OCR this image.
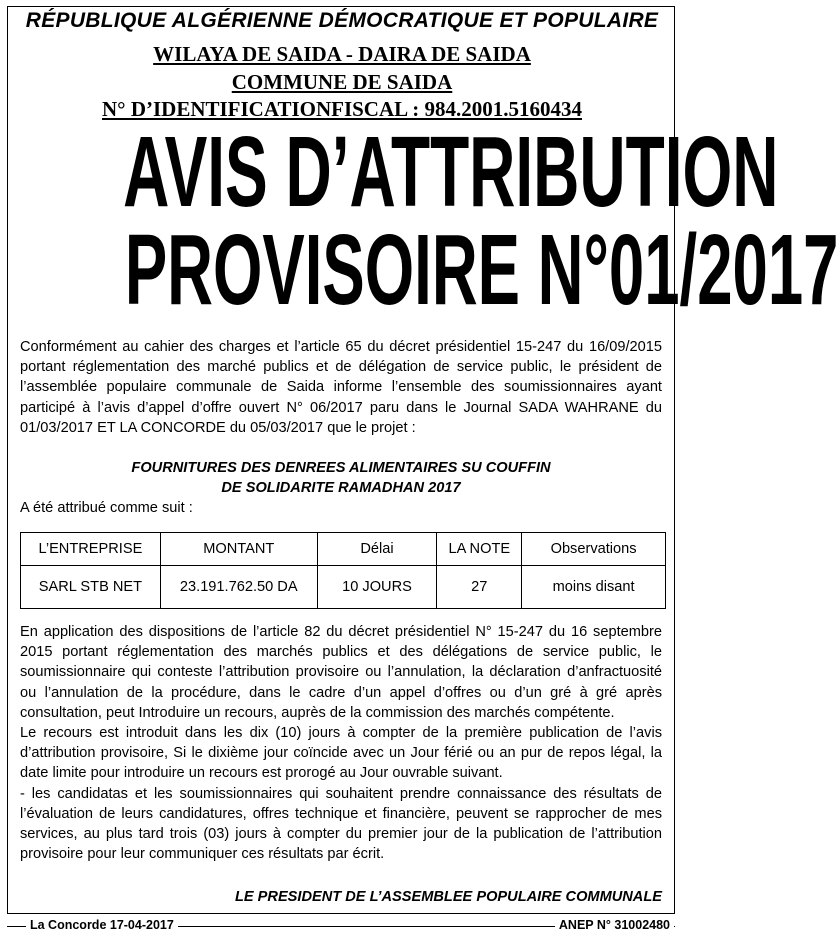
RÉPUBLIQUE ALGÉRIENNE DÉMOCRATIQUE ET POPULAIRE
WILAYA DE SAIDA - DAIRA DE SAIDA
COMMUNE DE SAIDA
N° D’IDENTIFICATIONFISCAL : 984.2001.5160434
AVIS D’ATTRIBUTION
PROVISOIRE N°01/2017
Conformément au cahier des charges et l’article 65 du décret présidentiel 15-247 du 16/09/2015 portant réglementation des marché publics et de délégation de service public, le président de l’assemblée populaire communale de Saida informe l’ensemble des soumissionnaires ayant participé à l’avis d’appel d’offre ouvert N° 06/2017 paru dans le Journal SADA WAHRANE du 01/03/2017 ET LA CONCORDE du 05/03/2017 que le projet :
FOURNITURES DES DENREES ALIMENTAIRES SU COUFFIN
DE SOLIDARITE RAMADHAN 2017
A été attribué comme suit :
L’ENTREPRISE	MONTANT	Délai	LA NOTE	Observations
SARL STB NET	23.191.762.50 DA	10 JOURS	27	moins disant
En application des dispositions de l’article 82 du décret présidentiel N° 15-247 du 16 septembre 2015 portant réglementation des marchés publics et des délégations de service public, le soumissionnaire qui conteste l’attribution provisoire ou l’annulation, la déclaration d’anfractuosité ou l’annulation de la procédure, dans le cadre d’un appel d’offres ou d’un gré à gré après consultation, peut Introduire un recours, auprès de la commission des marchés compétente.
Le recours est introduit dans les dix (10) jours à compter de la première publication de l’avis d’attribution provisoire, Si le dixième jour coïncide avec un Jour férié ou an pur de repos légal, la date limite pour introduire un recours est prorogé au Jour ouvrable suivant.
- les candidatas et les soumissionnaires qui souhaitent prendre connaissance des résultats de l’évaluation de leurs candidatures, offres technique et financière, peuvent se rapprocher de mes services, au plus tard trois (03) jours à compter du premier jour de la publication de l’attribution provisoire pour leur communiquer ces résultats par écrit.
LE PRESIDENT DE L’ASSEMBLEE POPULAIRE COMMUNALE
La Concorde 17-04-2017	ANEP N° 31002480
